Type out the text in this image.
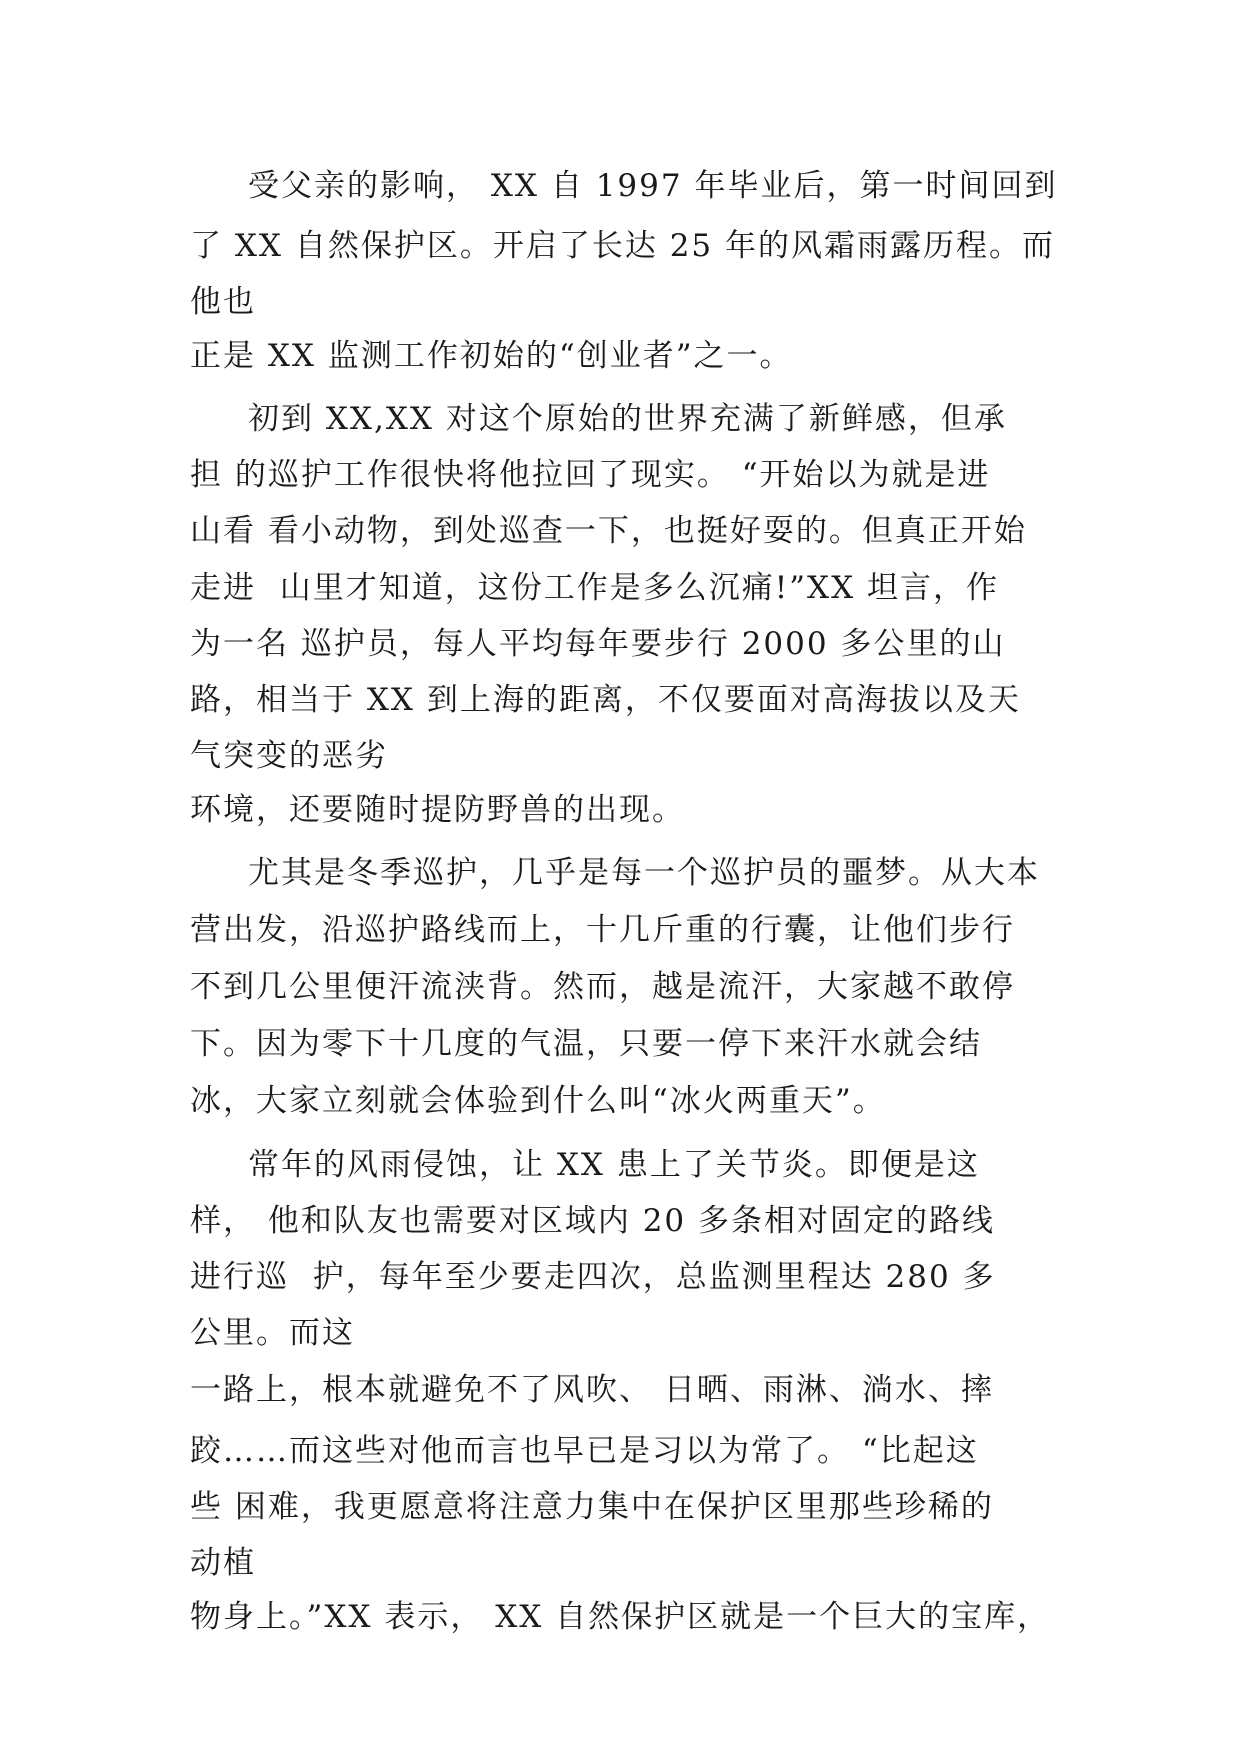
受父亲的影响， XX 自 1997 年毕业后，第一时间回到
了 XX 自然保护区。开启了长达 25 年的风霜雨露历程。而
他也
正是 XX 监测工作初始的“创业者”之一。
初到 XX,XX 对这个原始的世界充满了新鲜感，但承
担 的巡护工作很快将他拉回了现实。 “开始以为就是进
山看 看小动物，到处巡查一下，也挺好耍的。但真正开始
走进  山里才知道，这份工作是多么沉痛!”XX 坦言，作
为一名 巡护员，每人平均每年要步行 2000 多公里的山
路，相当于 XX 到上海的距离，不仅要面对高海拔以及天
气突变的恶劣
环境，还要随时提防野兽的出现。
尤其是冬季巡护，几乎是每一个巡护员的噩梦。从大本
营出发，沿巡护路线而上，十几斤重的行囊，让他们步行
不到几公里便汗流浃背。然而，越是流汗，大家越不敢停
下。因为零下十几度的气温，只要一停下来汗水就会结
冰，大家立刻就会体验到什么叫“冰火两重天”。
常年的风雨侵蚀，让 XX 患上了关节炎。即便是这
样， 他和队友也需要对区域内 20 多条相对固定的路线
进行巡  护，每年至少要走四次，总监测里程达 280 多
公里。而这
一路上，根本就避免不了风吹、 日晒、雨淋、淌水、摔
跤……而这些对他而言也早已是习以为常了。 “比起这
些 困难，我更愿意将注意力集中在保护区里那些珍稀的
动植
物身上。”XX 表示， XX 自然保护区就是一个巨大的宝库，
